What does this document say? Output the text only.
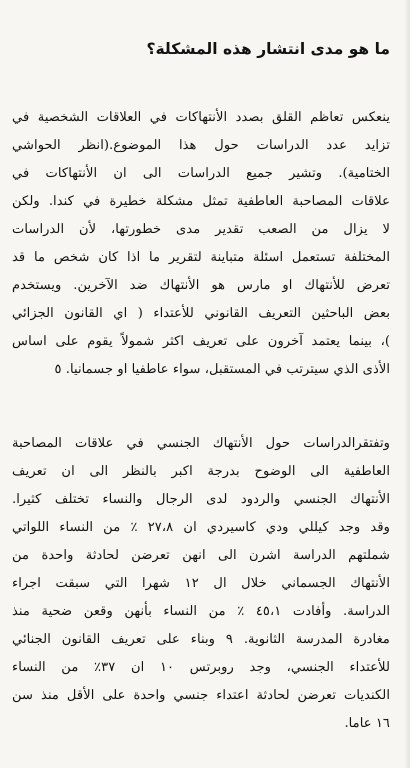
ما هو مدى انتشار هذه المشكلة؟
ينعكس تعاظم القلق بصدد الأنتهاكات في العلاقات الشخصية في
تزايد عدد الدراسات حول هذا الموضوع.(انظر الحواشي
الختامية). وتشير جميع الدراسات الى ان الأنتهاكات في
علاقات المصاحبة العاطفية تمثل مشكلة خطيرة في كندا. ولكن
لا يزال من الصعب تقدير مدى خطورتها، لأن الدراسات
المختلفة تستعمل اسئلة متباينة لتقرير ما اذا كان شخص ما قد
تعرض للأنتهاك او مارس هو الأنتهاك ضد الآخرين. ويستخدم
بعض الباحثين التعريف القانوني للأعتداء ( اي القانون الجزائي
)، بينما يعتمد آخرون على تعريف اكثر شمولاً يقوم على اساس
الأذى الذي سيترتب في المستقبل، سواء عاطفيا او جسمانيا. ٥
وتفتقرالدراسات حول الأنتهاك الجنسي في علاقات المصاحبة
العاطفية الى الوضوح بدرجة اكبر بالنظر الى ان تعريف
الأنتهاك الجنسي والردود لدى الرجال والنساء تختلف كثيرا.
وقد وجد كيللي ودي كاسيردي ان ٢٧،٨ ٪ من النساء اللواتي
شملتهم الدراسة اشرن الى انهن تعرضن لحادثة واحدة من
الأنتهاك الجسماني خلال ال ١٢ شهرا التي سبقت اجراء
الدراسة. وأفادت ٤٥،١ ٪ من النساء بأنهن وقعن ضحية منذ
مغادرة المدرسة الثانوية. ٩ وبناء على تعريف القانون الجنائي
للأعتداء الجنسي، وجد روبرتس ١٠ ان ٣٧٪ من النساء
الكنديات تعرضن لحادثة اعتداء جنسي واحدة على الأقل منذ سن
١٦ عاما.
